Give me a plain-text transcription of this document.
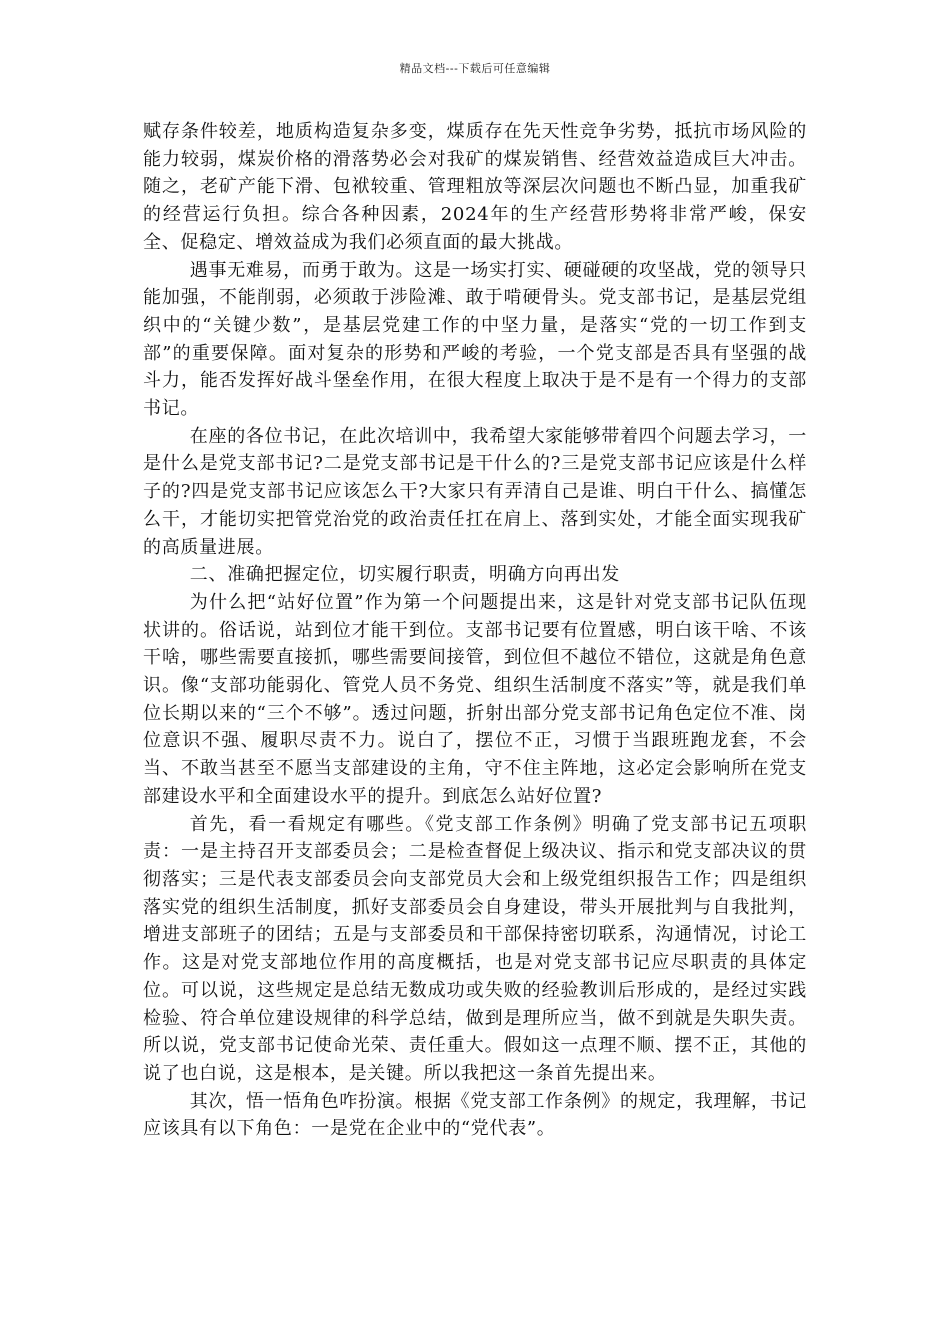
精品文档---下载后可任意编辑

赋存条件较差，地质构造复杂多变，煤质存在先天性竞争劣势，抵抗市场风险的能力较弱，煤炭价格的滑落势必会对我矿的煤炭销售、经营效益造成巨大冲击。随之，老矿产能下滑、包袱较重、管理粗放等深层次问题也不断凸显，加重我矿的经营运行负担。综合各种因素，2024年的生产经营形势将非常严峻，保安全、促稳定、增效益成为我们必须直面的最大挑战。

遇事无难易，而勇于敢为。这是一场实打实、硬碰硬的攻坚战，党的领导只能加强，不能削弱，必须敢于涉险滩、敢于啃硬骨头。党支部书记，是基层党组织中的“关键少数”，是基层党建工作的中坚力量，是落实“党的一切工作到支部”的重要保障。面对复杂的形势和严峻的考验，一个党支部是否具有坚强的战斗力，能否发挥好战斗堡垒作用，在很大程度上取决于是不是有一个得力的支部书记。

在座的各位书记，在此次培训中，我希望大家能够带着四个问题去学习，一是什么是党支部书记?二是党支部书记是干什么的?三是党支部书记应该是什么样子的?四是党支部书记应该怎么干?大家只有弄清自己是谁、明白干什么、搞懂怎么干，才能切实把管党治党的政治责任扛在肩上、落到实处，才能全面实现我矿的高质量进展。

二、准确把握定位，切实履行职责，明确方向再出发

为什么把“站好位置”作为第一个问题提出来，这是针对党支部书记队伍现状讲的。俗话说，站到位才能干到位。支部书记要有位置感，明白该干啥、不该干啥，哪些需要直接抓，哪些需要间接管，到位但不越位不错位，这就是角色意识。像“支部功能弱化、管党人员不务党、组织生活制度不落实”等，就是我们单位长期以来的“三个不够”。透过问题，折射出部分党支部书记角色定位不准、岗位意识不强、履职尽责不力。说白了，摆位不正，习惯于当跟班跑龙套，不会当、不敢当甚至不愿当支部建设的主角，守不住主阵地，这必定会影响所在党支部建设水平和全面建设水平的提升。到底怎么站好位置?

首先，看一看规定有哪些。《党支部工作条例》明确了党支部书记五项职责：一是主持召开支部委员会；二是检查督促上级决议、指示和党支部决议的贯彻落实；三是代表支部委员会向支部党员大会和上级党组织报告工作；四是组织落实党的组织生活制度，抓好支部委员会自身建设，带头开展批判与自我批判，增进支部班子的团结；五是与支部委员和干部保持密切联系，沟通情况，讨论工作。这是对党支部地位作用的高度概括，也是对党支部书记应尽职责的具体定位。可以说，这些规定是总结无数成功或失败的经验教训后形成的，是经过实践检验、符合单位建设规律的科学总结，做到是理所应当，做不到就是失职失责。所以说，党支部书记使命光荣、责任重大。假如这一点理不顺、摆不正，其他的说了也白说，这是根本，是关键。所以我把这一条首先提出来。

其次，悟一悟角色咋扮演。根据《党支部工作条例》的规定，我理解，书记应该具有以下角色：一是党在企业中的“党代表”。
